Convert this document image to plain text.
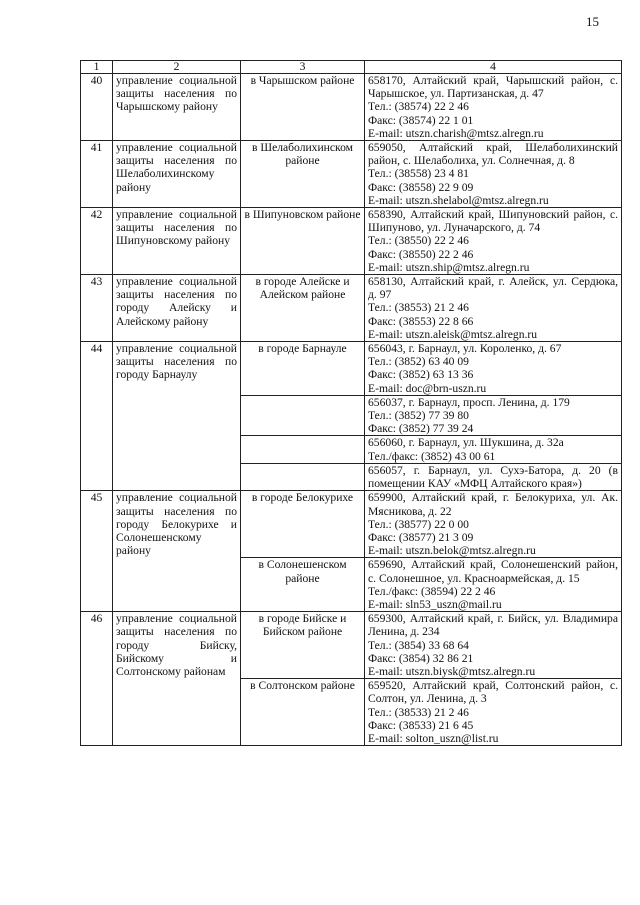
15
1	2	3	4
40	управление социальной защиты населения по Чарышскому району	в Чарышском районе	658170, Алтайский край, Чарышский район, с. Чарышское, ул. Партизанская, д. 47
Тел.: (38574) 22 2 46
Факс: (38574) 22 1 01
E-mail: utszn.charish@mtsz.alregn.ru

41	управление социальной защиты населения по Шелаболихинскому району	в Шелаболихинском районе	659050, Алтайский край, Шелаболихинский район, с. Шелаболиха, ул. Солнечная, д. 8
Тел.: (38558) 23 4 81
Факс: (38558) 22 9 09
E-mail: utszn.shelabol@mtsz.alregn.ru

42	управление социальной защиты населения по Шипуновскому району	в Шипуновском районе	658390, Алтайский край, Шипуновский район, с. Шипуново, ул. Луначарского, д. 74
Тел.: (38550) 22 2 46
Факс: (38550) 22 2 46
E-mail: utszn.ship@mtsz.alregn.ru

43	управление социальной защиты населения по городу Алейску и Алейскому району	в городе Алейске и Алейском районе	658130, Алтайский край, г. Алейск, ул. Сердюка, д. 97
Тел.: (38553) 21 2 46
Факс: (38553) 22 8 66
E-mail: utszn.aleisk@mtsz.alregn.ru

44	управление социальной защиты населения по городу Барнаулу	в городе Барнауле	656043, г. Барнаул, ул. Короленко, д. 67
Тел.: (3852) 63 40 09
Факс: (3852) 63 13 36
E-mail: doc@brn-uszn.ru

			656037, г. Барнаул, просп. Ленина, д. 179
Тел.: (3852) 77 39 80
Факс: (3852) 77 39 24

			656060, г. Барнаул, ул. Шукшина, д. 32а
Тел./факс: (3852) 43 00 61

			656057, г. Барнаул, ул. Сухэ-Батора, д. 20 (в помещении КАУ «МФЦ Алтайского края»)

45	управление социальной защиты населения по городу Белокурихе и Солонешенскому району	в городе Белокурихе	659900, Алтайский край, г. Белокуриха, ул. Ак. Мясникова, д. 22
Тел.: (38577) 22 0 00
Факс: (38577) 21 3 09
E-mail: utszn.belok@mtsz.alregn.ru

		в Солонешенском районе	659690, Алтайский край, Солонешенский район, с. Солонешное, ул. Красноармейская, д. 15
Тел./факс: (38594) 22 2 46
E-mail: sln53_uszn@mail.ru

46	управление социальной защиты населения по городу Бийску, Бийскому и Солтонскому районам	в городе Бийске и Бийском районе	659300, Алтайский край, г. Бийск, ул. Владимира Ленина, д. 234
Тел.: (3854) 33 68 64
Факс: (3854) 32 86 21
E-mail: utszn.biysk@mtsz.alregn.ru

		в Солтонском районе	659520, Алтайский край, Солтонский район, с. Солтон, ул. Ленина, д. 3
Тел.: (38533) 21 2 46
Факс: (38533) 21 6 45
E-mail: solton_uszn@list.ru
